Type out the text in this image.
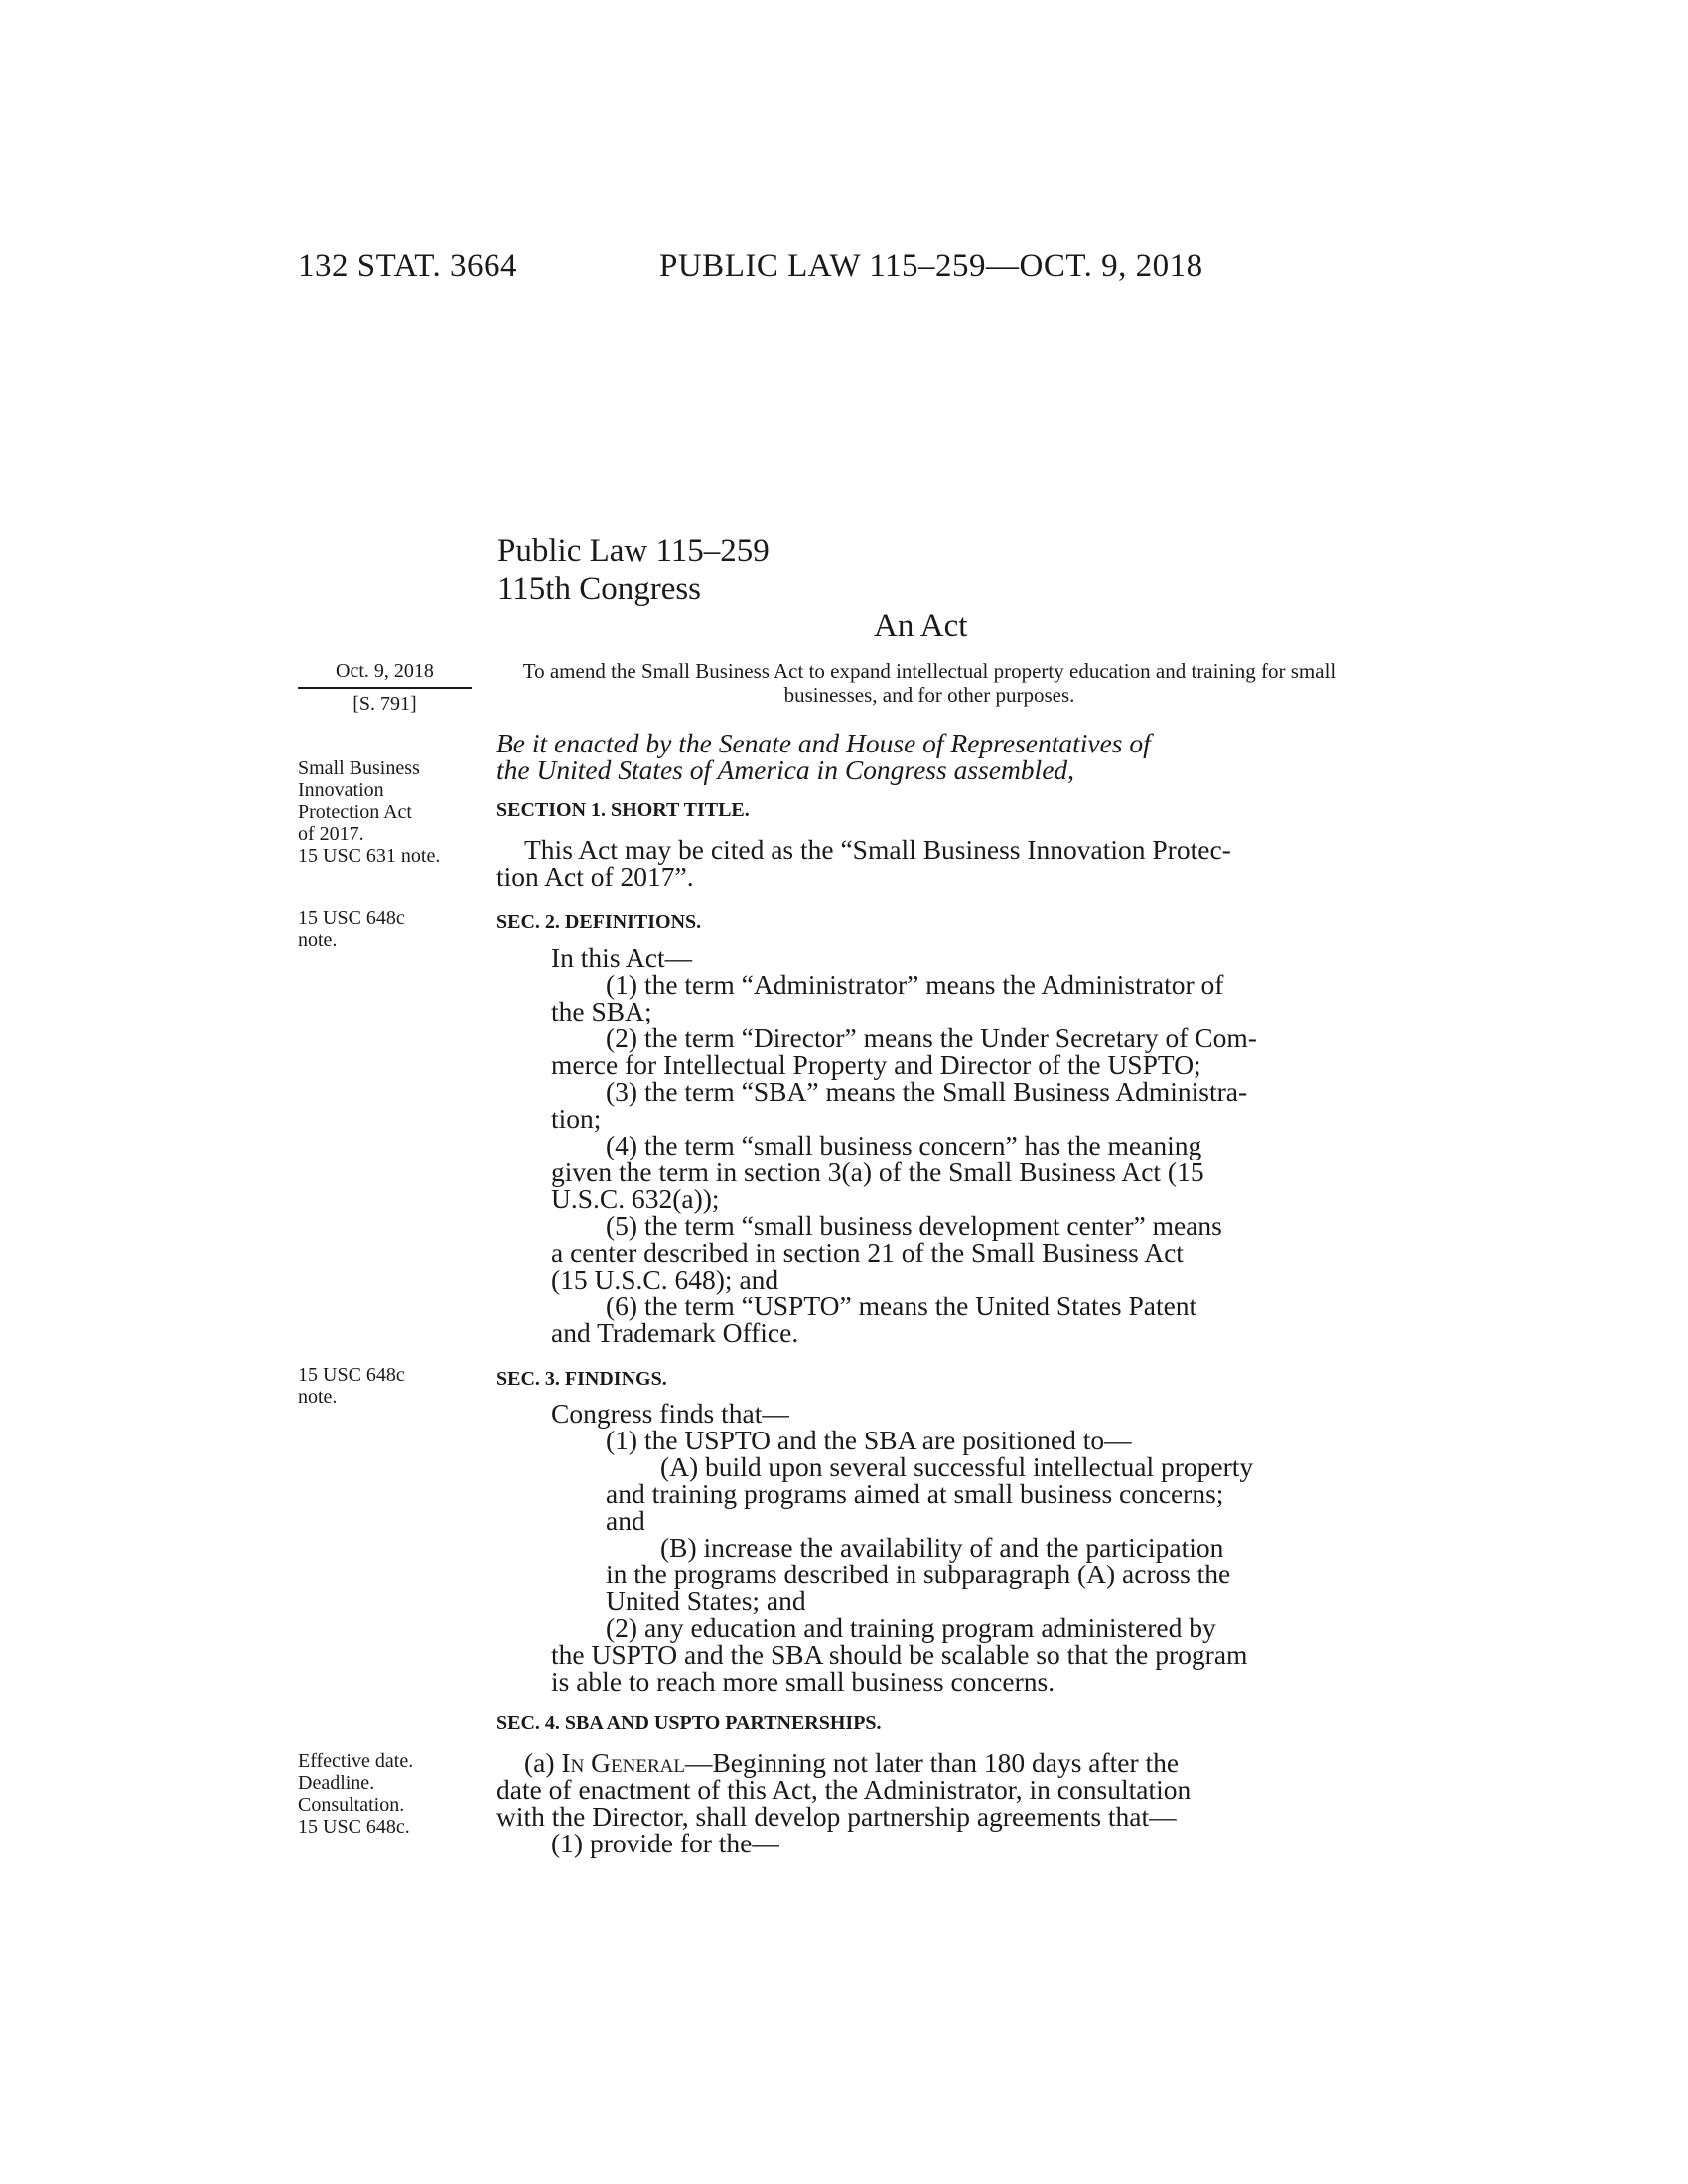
132 STAT. 3664	PUBLIC LAW 115–259—OCT. 9, 2018
Public Law 115–259
115th Congress
An Act
Oct. 9, 2018
[S. 791]
To amend the Small Business Act to expand intellectual property education and training for small businesses, and for other purposes.
Be it enacted by the Senate and House of Representatives of
the United States of America in Congress assembled,
Small Business
Innovation
Protection Act
of 2017.
15 USC 631 note.
SECTION 1. SHORT TITLE.
This Act may be cited as the “Small Business Innovation Protec-
tion Act of 2017”.
15 USC 648c
note.
SEC. 2. DEFINITIONS.
In this Act—
(1) the term “Administrator” means the Administrator of
the SBA;
(2) the term “Director” means the Under Secretary of Com-
merce for Intellectual Property and Director of the USPTO;
(3) the term “SBA” means the Small Business Administra-
tion;
(4) the term “small business concern” has the meaning
given the term in section 3(a) of the Small Business Act (15
U.S.C. 632(a));
(5) the term “small business development center” means
a center described in section 21 of the Small Business Act
(15 U.S.C. 648); and
(6) the term “USPTO” means the United States Patent
and Trademark Office.
15 USC 648c
note.
SEC. 3. FINDINGS.
Congress finds that—
(1) the USPTO and the SBA are positioned to—
(A) build upon several successful intellectual property
and training programs aimed at small business concerns;
and
(B) increase the availability of and the participation
in the programs described in subparagraph (A) across the
United States; and
(2) any education and training program administered by
the USPTO and the SBA should be scalable so that the program
is able to reach more small business concerns.
SEC. 4. SBA AND USPTO PARTNERSHIPS.
Effective date.
Deadline.
Consultation.
15 USC 648c.
(a) In General—Beginning not later than 180 days after the
date of enactment of this Act, the Administrator, in consultation
with the Director, shall develop partnership agreements that—
(1) provide for the—
